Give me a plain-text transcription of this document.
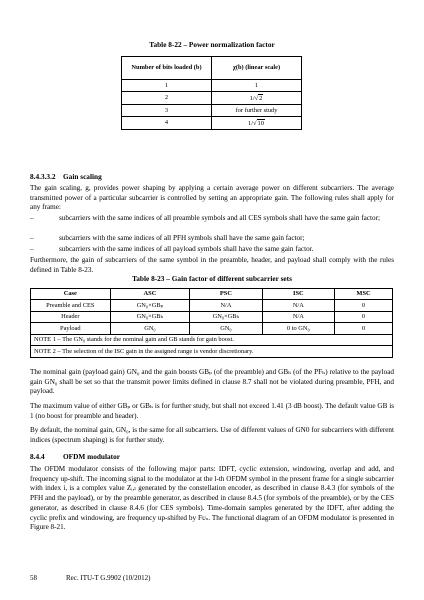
Table 8-22 – Power normalization factor
Number of bits loaded (b)	χ(b) (linear scale)
1	1
2	1/√2
3	for further study
4	1/√10
8.4.3.3.2 Gain scaling
The gain scaling, g, provides power shaping by applying a certain average power on different subcarriers. The average transmitted power of a particular subcarrier is controlled by setting an appropriate gain. The following rules shall apply for any frame:
–	subcarriers with the same indices of all preamble symbols and all CES symbols shall have the same gain factor;
–	subcarriers with the same indices of all PFH symbols shall have the same gain factor;
–	subcarriers with the same indices of all payload symbols shall have the same gain factor.
Furthermore, the gain of subcarriers of the same symbol in the preamble, header, and payload shall comply with the rules defined in Table 8-23.
Table 8-23 – Gain factor of different subcarrier sets
Case	ASC	PSC	ISC	MSC
Preamble and CES	GN₀×GBₚ	N/A	N/A	0
Header	GN₀×GBₕ	GN₀×GBₕ	N/A	0
Payload	GN₀	GN₀	0 to GN₀	0
NOTE 1 – The GN₀ stands for the nominal gain and GB stands for gain boost.				
NOTE 2 – The selection of the ISC gain in the assigned range is vendor discretionary.				
The nominal gain (payload gain) GN₀ and the gain boosts GBₚ (of the preamble) and GBₕ (of the PFₕ) relative to the payload gain GN₀ shall be set so that the transmit power limits defined in clause 8.7 shall not be violated during preamble, PFH, and payload.
The maximum value of either GBₚ or GBₕ is for further study, but shall not exceed 1.41 (3 dB boost). The default value GB is 1 (no boost for preamble and header).
By default, the nominal gain, GN₀, is the same for all subcarriers. Use of different values of GN0 for subcarriers with different indices (spectrum shaping) is for further study.
8.4.4	OFDM modulator
The OFDM modulator consists of the following major parts: IDFT, cyclic extension, windowing, overlap and add, and frequency up-shift. The incoming signal to the modulator at the l-th OFDM symbol in the present frame for a single subcarrier with index i, is a complex value Zᵢ,ₗ generated by the constellation encoder, as described in clause 8.4.3 (for symbols of the PFH and the payload), or by the preamble generator, as described in clause 8.4.5 (for symbols of the preamble), or by the CES generator, as described in clause 8.4.6 (for CES symbols). Time-domain samples generated by the IDFT, after adding the cyclic prefix and windowing, are frequency up-shifted by Fᴜₛ. The functional diagram of an OFDM modulator is presented in Figure 8-21.
58	Rec. ITU-T G.9902 (10/2012)
